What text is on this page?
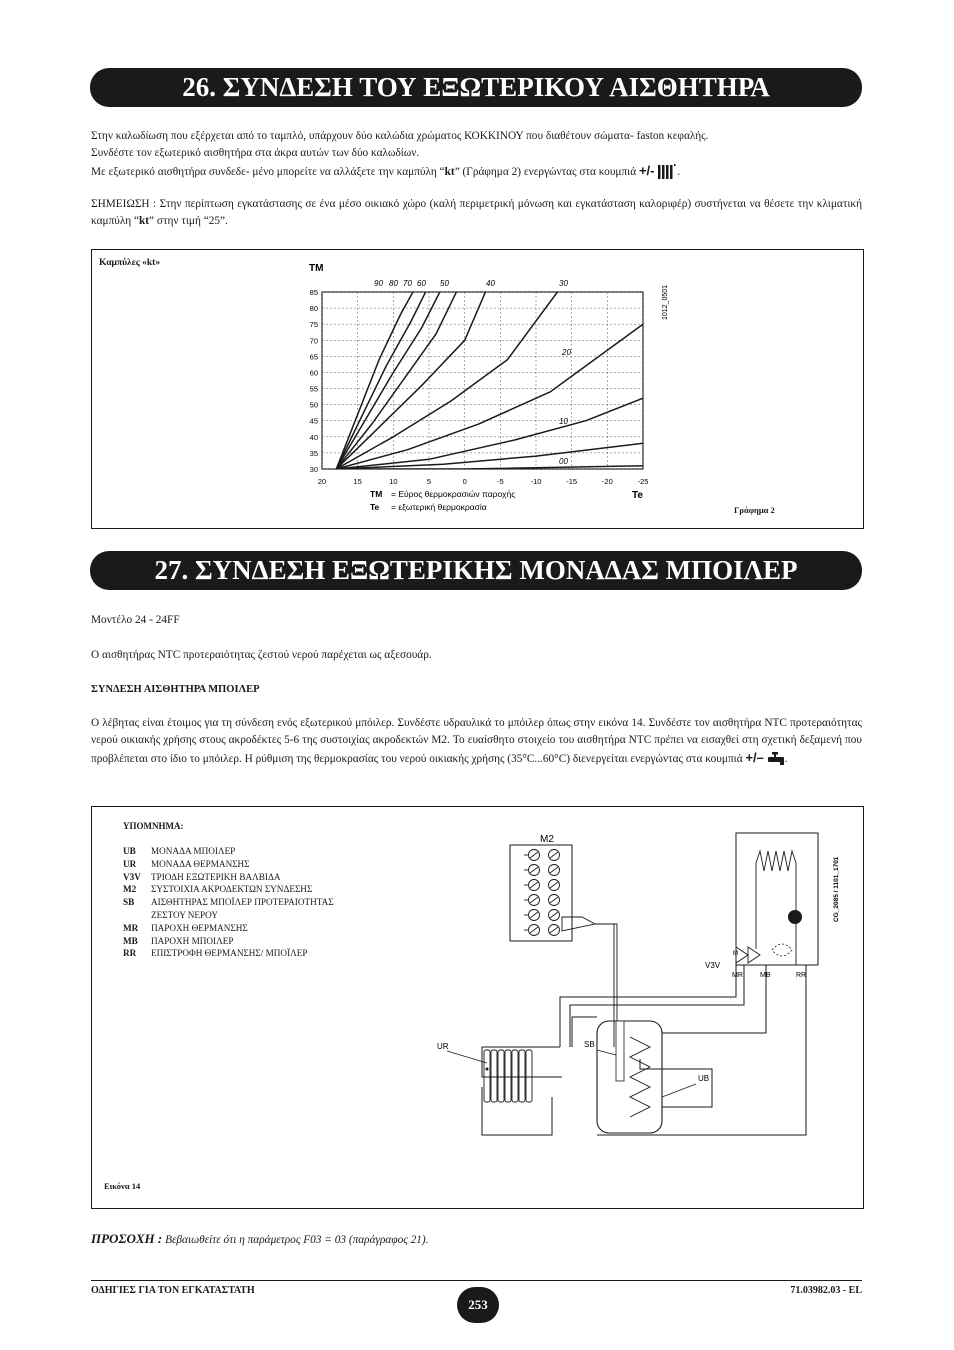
26. ΣΥΝΔΕΣΗ ΤΟΥ ΕΞΩΤΕΡΙΚΟΥ ΑΙΣΘΗΤΗΡΑ
Στην καλωδίωση που εξέρχεται από το ταμπλό, υπάρχουν δύο καλώδια χρώματος ΚΟΚΚΙΝΟΥ που διαθέτουν σώματα- faston κεφαλής.
Συνδέστε τον εξωτερικό αισθητήρα στα άκρα αυτών των δύο καλωδίων.
Με εξωτερικό αισθητήρα συνδεδε- μένο μπορείτε να αλλάξετε την καμπύλη “kt” (Γράφημα 2) ενεργώντας στα κουμπιά +/- .
ΣΗΜΕΙΩΣΗ : Στην περίπτωση εγκατάστασης σε ένα μέσο οικιακό χώρο (καλή περιμετρική μόνωση και εγκατάσταση καλοριφέρ) συστήνεται να θέσετε την κλιματική καμπύλη “kt” στην τιμή “25”.
Καμπύλες «kt»
Γράφημα 2
20	15	10	5	0	-5	-10	-15	-20	-25
30
35
40
45
50
55
60
65
70
75
80
85
90 80 70 60 50	40	30
20
10
00
TM
Te
1012_0501
TM = Εύρος θερμοκρασιών παροχής
Te = εξωτερική θερμοκρασία
27. ΣΥΝΔΕΣΗ ΕΞΩΤΕΡΙΚΗΣ ΜΟΝΑΔΑΣ ΜΠΟΙΛΕΡ
Μοντέλο 24 - 24FF
Ο αισθητήρας NTC προτεραιότητας ζεστού νερού παρέχεται ως αξεσουάρ.
ΣΥΝΔΕΣΗ ΑΙΣΘΗΤΗΡΑ ΜΠΟΙΛΕΡ
Ο λέβητας είναι έτοιμος για τη σύνδεση ενός εξωτερικού μπόιλερ. Συνδέστε υδραυλικά το μπόιλερ όπως στην εικόνα 14. Συνδέστε τον αισθητήρα NTC προτεραιότητας νερού οικιακής χρήσης στους ακροδέκτες 5-6 της συστοιχίας ακροδεκτών M2. Το ευαίσθητο στοιχείο του αισθητήρα NTC πρέπει να εισαχθεί στη σχετική δεξαμενή που προβλέπεται στο ίδιο το μπόιλερ. Η ρύθμιση της θερμοκρασίας του νερού οικιακής χρήσης (35°C...60°C) διενεργείται ενεργώντας στα κουμπιά +/– .
ΥΠΟΜΝΗΜΑ:
UB	ΜΟΝΑΔΑ ΜΠΟΙΛΕΡ
UR	ΜΟΝΑΔΑ ΘΕΡΜΑΝΣΗΣ
V3V	ΤΡΙΟΔΗ ΕΞΩΤΕΡΙΚΗ ΒΑΛΒΙΔΑ
M2	ΣΥΣΤΟΙΧΙΑ ΑΚΡΟΔΕΚΤΩΝ ΣΥΝΔΕΣΗΣ
SB	ΑΙΣΘΗΤΗΡΑΣ ΜΠΟΪΛΕΡ ΠΡΟΤΕΡΑΙΟΤΗΤΑΣ ΖΕΣΤΟΥ ΝΕΡΟΥ
MR	ΠΑΡΟΧΗ ΘΕΡΜΑΝΣΗΣ
MB	ΠΑΡΟΧΗ ΜΠΟΙΛΕΡ
RR	ΕΠΙΣΤΡΟΦΗ ΘΕΡΜΑΝΣΗΣ/ ΜΠΟΪΛΕΡ
Εικόνα 14
M2
M
V3V
MR MB	RR
UR	SB
UB
CG_2085 / 1101_1701
ΠΡΟΣΟΧΗ : Βεβαιωθείτε ότι η παράμετρος F03 = 03 (παράγραφος 21).
ΟΔΗΓΙΕΣ ΓΙΑ ΤΟΝ ΕΓΚΑΤΑΣΤΑΤΗ
253
71.03982.03 - EL
